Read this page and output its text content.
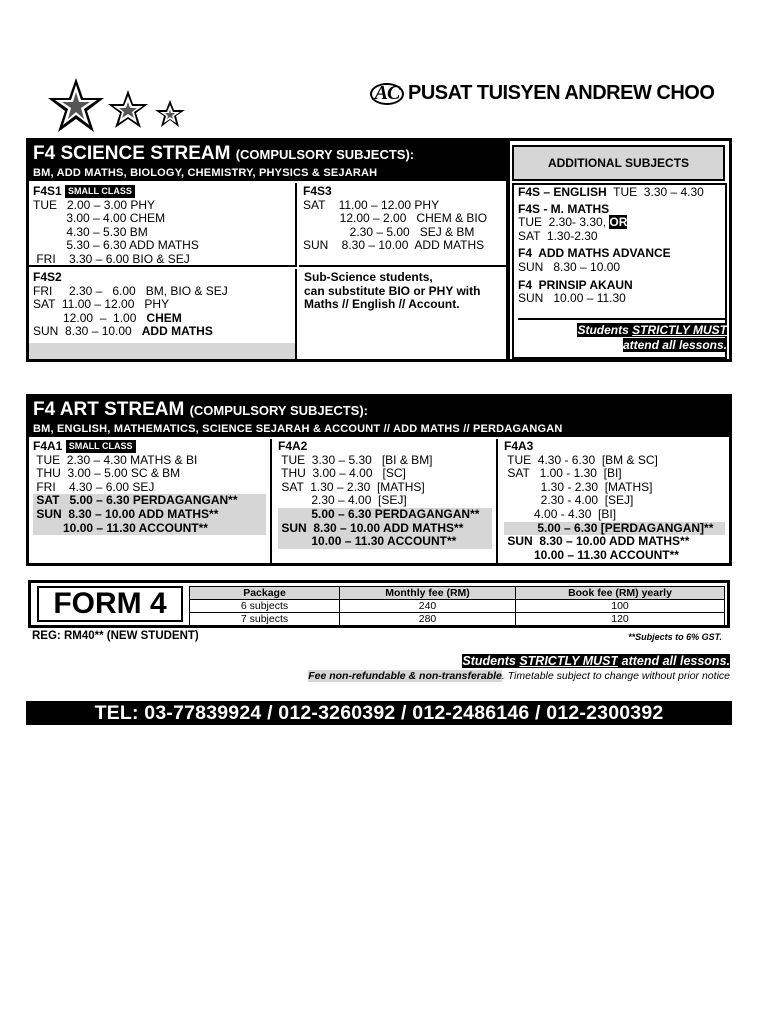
AC PUSAT TUISYEN ANDREW CHOO
F4 SCIENCE STREAM (COMPULSORY SUBJECTS):
BM, ADD MATHS, BIOLOGY, CHEMISTRY, PHYSICS & SEJARAH
ADDITIONAL SUBJECTS
F4S1 SMALL CLASS
TUE   2.00 – 3.00 PHY
3.00 – 4.00 CHEM
4.30 – 5.30 BM
5.30 – 6.30 ADD MATHS
FRI    3.30 – 6.00 BIO & SEJ
F4S3
SAT    11.00 – 12.00 PHY
12.00 – 2.00   CHEM & BIO
2.30 – 5.00   SEJ & BM
SUN    8.30 – 10.00  ADD MATHS
F4S2
FRI     2.30 –   6.00   BM, BIO & SEJ
SAT  11.00 – 12.00   PHY
12.00  –  1.00   CHEM
SUN  8.30 – 10.00   ADD MATHS
Sub-Science students,
can substitute BIO or PHY with
Maths // English // Account.
F4S – ENGLISH  TUE  3.30 – 4.30
F4S - M. MATHS
TUE  2.30- 3.30, OR
SAT  1.30-2.30
F4  ADD MATHS ADVANCE
SUN   8.30 – 10.00
F4  PRINSIP AKAUN
SUN   10.00 – 11.30
Students STRICTLY MUST
attend all lessons.
F4 ART STREAM (COMPULSORY SUBJECTS):
BM, ENGLISH, MATHEMATICS, SCIENCE SEJARAH & ACCOUNT // ADD MATHS // PERDAGANGAN
F4A1 SMALL CLASS
TUE  2.30 – 4.30 MATHS & BI
THU  3.00 – 5.00 SC & BM
FRI    4.30 – 6.00 SEJ
SAT   5.00 – 6.30 PERDAGANGAN**
SUN  8.30 – 10.00 ADD MATHS**
10.00 – 11.30 ACCOUNT**
F4A2
TUE  3.30 – 5.30   [BI & BM]
THU  3.00 – 4.00   [SC]
SAT  1.30 – 2.30  [MATHS]
2.30 – 4.00  [SEJ]
5.00 – 6.30 PERDAGANGAN**
SUN  8.30 – 10.00 ADD MATHS**
10.00 – 11.30 ACCOUNT**
F4A3
TUE  4.30 - 6.30  [BM & SC]
SAT   1.00 - 1.30  [BI]
1.30 - 2.30  [MATHS]
2.30 - 4.00  [SEJ]
4.00 - 4.30  [BI]
5.00 – 6.30 [PERDAGANGAN]**
SUN  8.30 – 10.00 ADD MATHS**
10.00 – 11.30 ACCOUNT**
FORM 4	Package	Monthly fee (RM)	Book fee (RM) yearly
6 subjects	240	100
7 subjects	280	120
REG: RM40** (NEW STUDENT)	**Subjects to 6% GST.
Students STRICTLY MUST attend all lessons.
Fee non-refundable & non-transferable. Timetable subject to change without prior notice
TEL: 03-77839924 / 012-3260392 / 012-2486146 / 012-2300392
